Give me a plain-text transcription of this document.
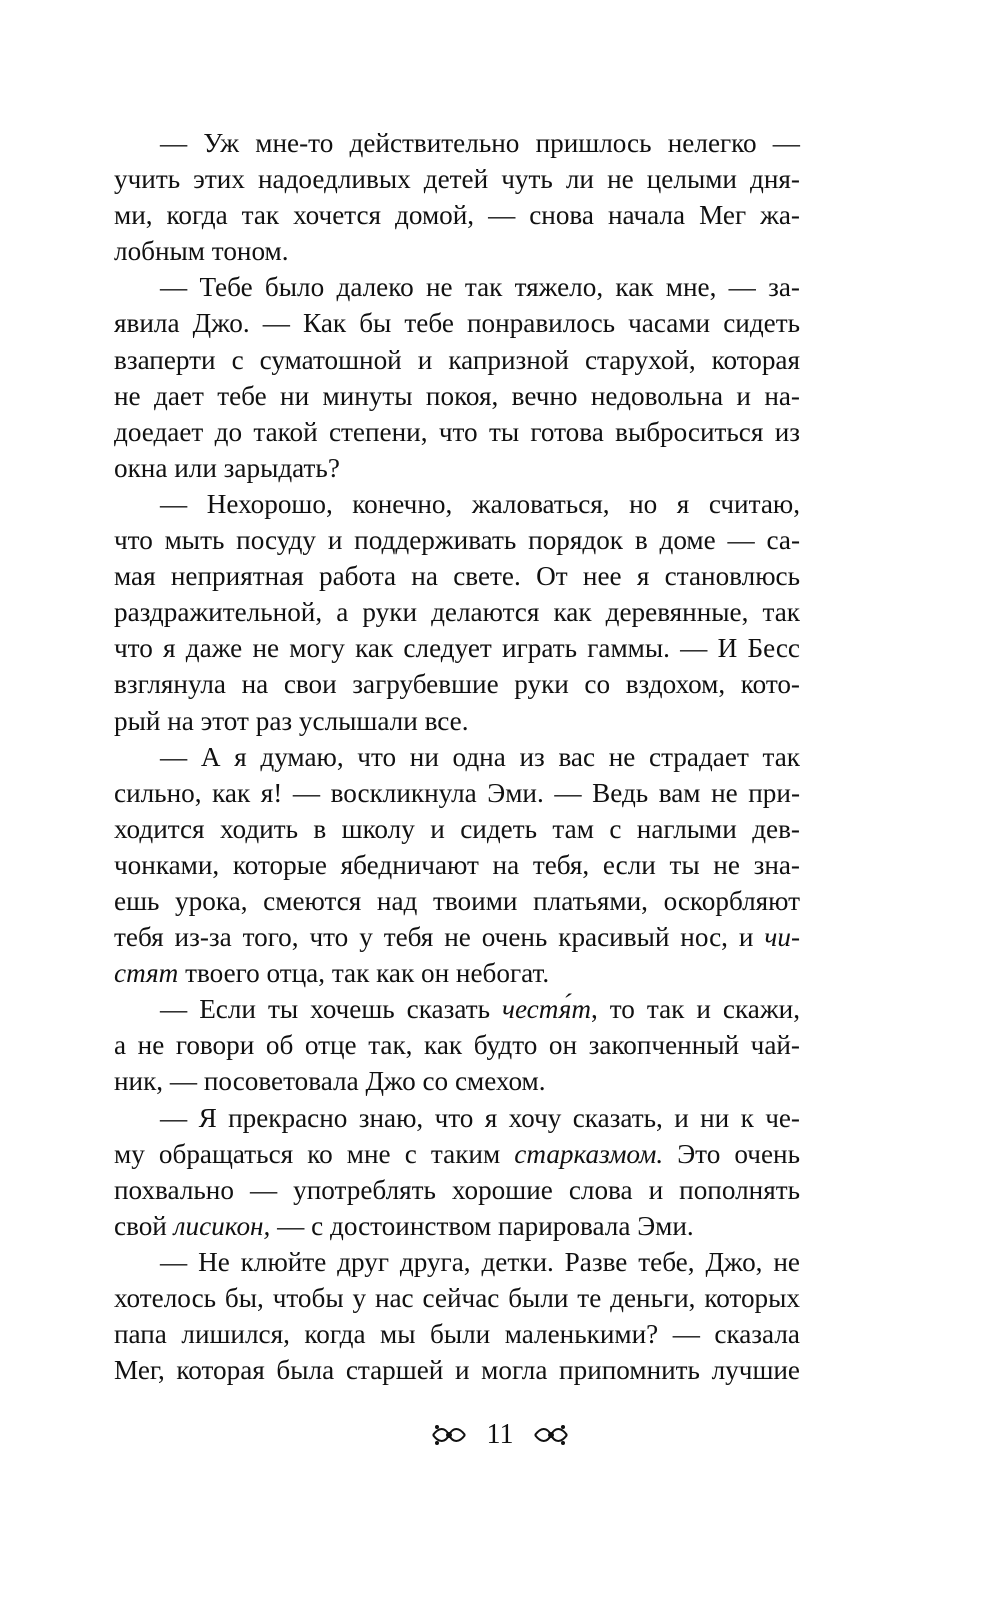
— Уж мне-то действительно пришлось нелегко —
учить этих надоедливых детей чуть ли не целыми дня-
ми, когда так хочется домой, — снова начала Мег жа-
лобным тоном.
— Тебе было далеко не так тяжело, как мне, — за-
явила Джо. — Как бы тебе понравилось часами сидеть
взаперти с суматошной и капризной старухой, которая
не дает тебе ни минуты покоя, вечно недовольна и на-
доедает до такой степени, что ты готова выброситься из
окна или зарыдать?
— Нехорошо, конечно, жаловаться, но я считаю,
что мыть посуду и поддерживать порядок в доме — са-
мая неприятная работа на свете. От нее я становлюсь
раздражительной, а руки делаются как деревянные, так
что я даже не могу как следует играть гаммы. — И Бесс
взглянула на свои загрубевшие руки со вздохом, кото-
рый на этот раз услышали все.
— А я думаю, что ни одна из вас не страдает так
сильно, как я! — воскликнула Эми. — Ведь вам не при-
ходится ходить в школу и сидеть там с наглыми дев-
чонками, которые ябедничают на тебя, если ты не зна-
ешь урока, смеются над твоими платьями, оскорбляют
тебя из-за того, что у тебя не очень красивый нос, и чи-
стят твоего отца, так как он небогат.
— Если ты хочешь сказать честя́т, то так и скажи,
а не говори об отце так, как будто он закопченный чай-
ник, — посоветовала Джо со смехом.
— Я прекрасно знаю, что я хочу сказать, и ни к че-
му обращаться ко мне с таким старказмом. Это очень
похвально — употреблять хорошие слова и пополнять
свой лисикон, — с достоинством парировала Эми.
— Не клюйте друг друга, детки. Разве тебе, Джо, не
хотелось бы, чтобы у нас сейчас были те деньги, которых
папа лишился, когда мы были маленькими? — сказала
Мег, которая была старшей и могла припомнить лучшие
11
